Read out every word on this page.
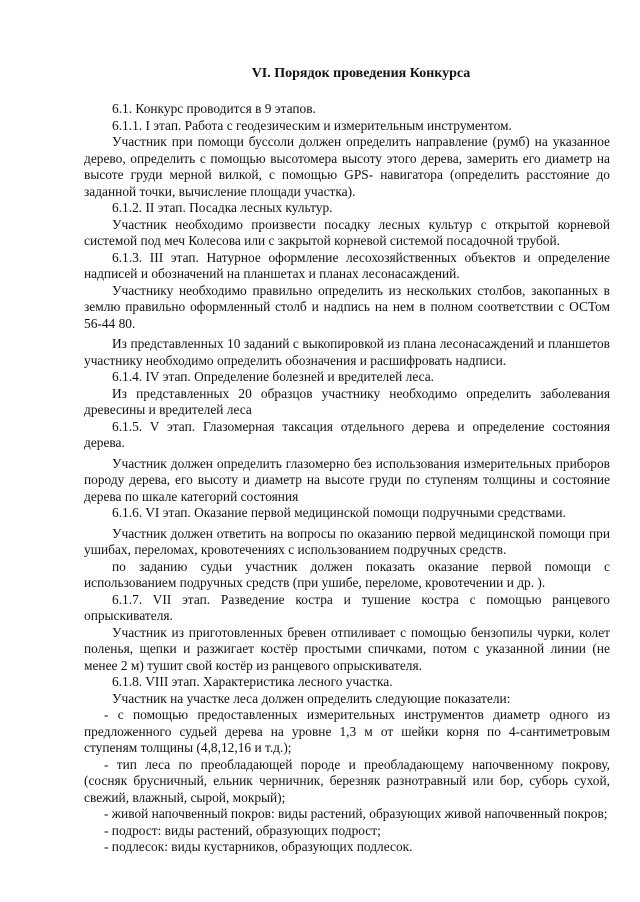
VI. Порядок проведения Конкурса

6.1. Конкурс проводится в 9 этапов.

6.1.1. I этап. Работа с геодезическим и измерительным инструментом.

Участник при помощи буссоли должен определить направление (румб) на указанное дерево, определить с помощью высотомера высоту этого дерева, замерить его диаметр на высоте груди мерной вилкой, с помощью GPS- навигатора (определить расстояние до заданной точки, вычисление площади участка).

6.1.2. II этап. Посадка лесных культур.

Участник необходимо произвести посадку лесных культур с открытой корневой системой под меч Колесова или с закрытой корневой системой посадочной трубой.

6.1.3. III этап. Натурное оформление лесохозяйственных объектов и определение надписей и обозначений на планшетах и планах лесонасаждений.

Участнику необходимо правильно определить из нескольких столбов, закопанных в землю правильно оформленный столб и надпись на нем в полном соответствии с ОСТом 56-44 80.

Из представленных 10 заданий с выкопировкой из плана лесонасаждений и планшетов участнику необходимо определить обозначения и расшифровать надписи.

6.1.4. IV этап. Определение болезней и вредителей леса.

Из представленных 20 образцов участнику необходимо определить заболевания древесины и вредителей леса

6.1.5. V этап. Глазомерная таксация отдельного дерева и определение состояния дерева.

Участник должен определить глазомерно без использования измерительных приборов породу дерева, его высоту и диаметр на высоте груди по ступеням толщины и состояние дерева по шкале категорий состояния

6.1.6. VI этап. Оказание первой медицинской помощи подручными средствами.

Участник должен ответить на вопросы по оказанию первой медицинской помощи при ушибах, переломах, кровотечениях с использованием подручных средств.

по заданию судьи участник должен показать оказание первой помощи с использованием подручных средств (при ушибе, переломе, кровотечении и др. ).

6.1.7. VII этап. Разведение костра и тушение костра с помощью ранцевого опрыскивателя.

Участник из приготовленных бревен отпиливает с помощью бензопилы чурки, колет поленья, щепки и разжигает костёр простыми спичками, потом с указанной линии (не менее 2 м) тушит свой костёр из ранцевого опрыскивателя.

6.1.8. VIII этап. Характеристика лесного участка.

Участник на участке леса должен определить следующие показатели:

- с помощью предоставленных измерительных инструментов диаметр одного из предложенного судьей дерева на уровне 1,3 м от шейки корня по 4-сантиметровым ступеням толщины (4,8,12,16 и т.д.);

- тип леса по преобладающей породе и преобладающему напочвенному покрову, (сосняк брусничный, ельник черничник, березняк разнотравный или бор, суборь сухой, свежий, влажный, сырой, мокрый);

- живой напочвенный покров: виды растений, образующих живой напочвенный покров;

- подрост: виды растений, образующих подрост;

- подлесок: виды кустарников, образующих подлесок.
